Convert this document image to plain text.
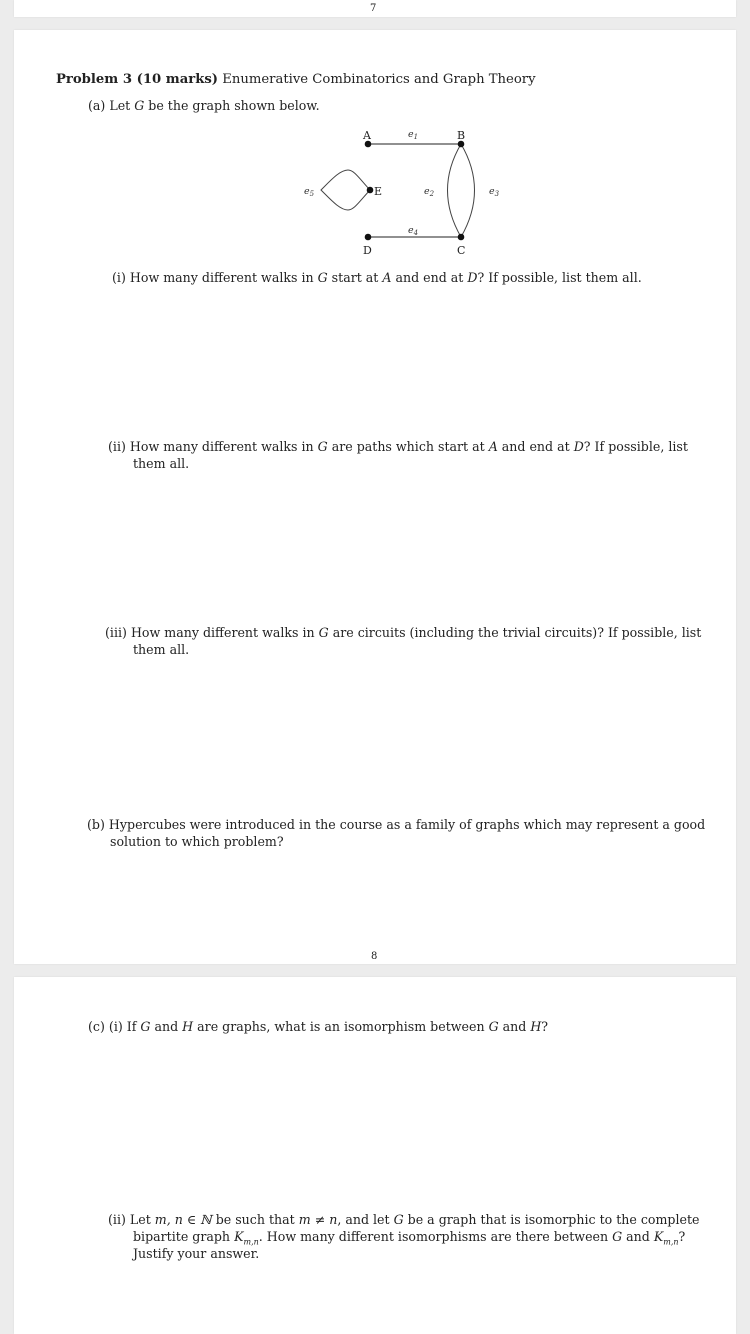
7
Problem 3 (10 marks) Enumerative Combinatorics and Graph Theory
(a) Let G be the graph shown below.
A	B
C
D
E
$e_1$
$e_2$	$e_3$
$e_4$
$e_5$
(i) How many different walks in G start at A and end at D? If possible, list them all.
(ii) How many different walks in G are paths which start at A and end at D? If possible, list
them all.
(iii) How many different walks in G are circuits (including the trivial circuits)? If possible, list
them all.
(b) Hypercubes were introduced in the course as a family of graphs which may represent a good
solution to which problem?
8
(c) (i) If G and H are graphs, what is an isomorphism between G and H?
(ii) Let m, n ∈ ℕ be such that m ≠ n, and let G be a graph that is isomorphic to the complete
bipartite graph $K_{m,n}$. How many different isomorphisms are there between G and $K_{m,n}$?
Justify your answer.
